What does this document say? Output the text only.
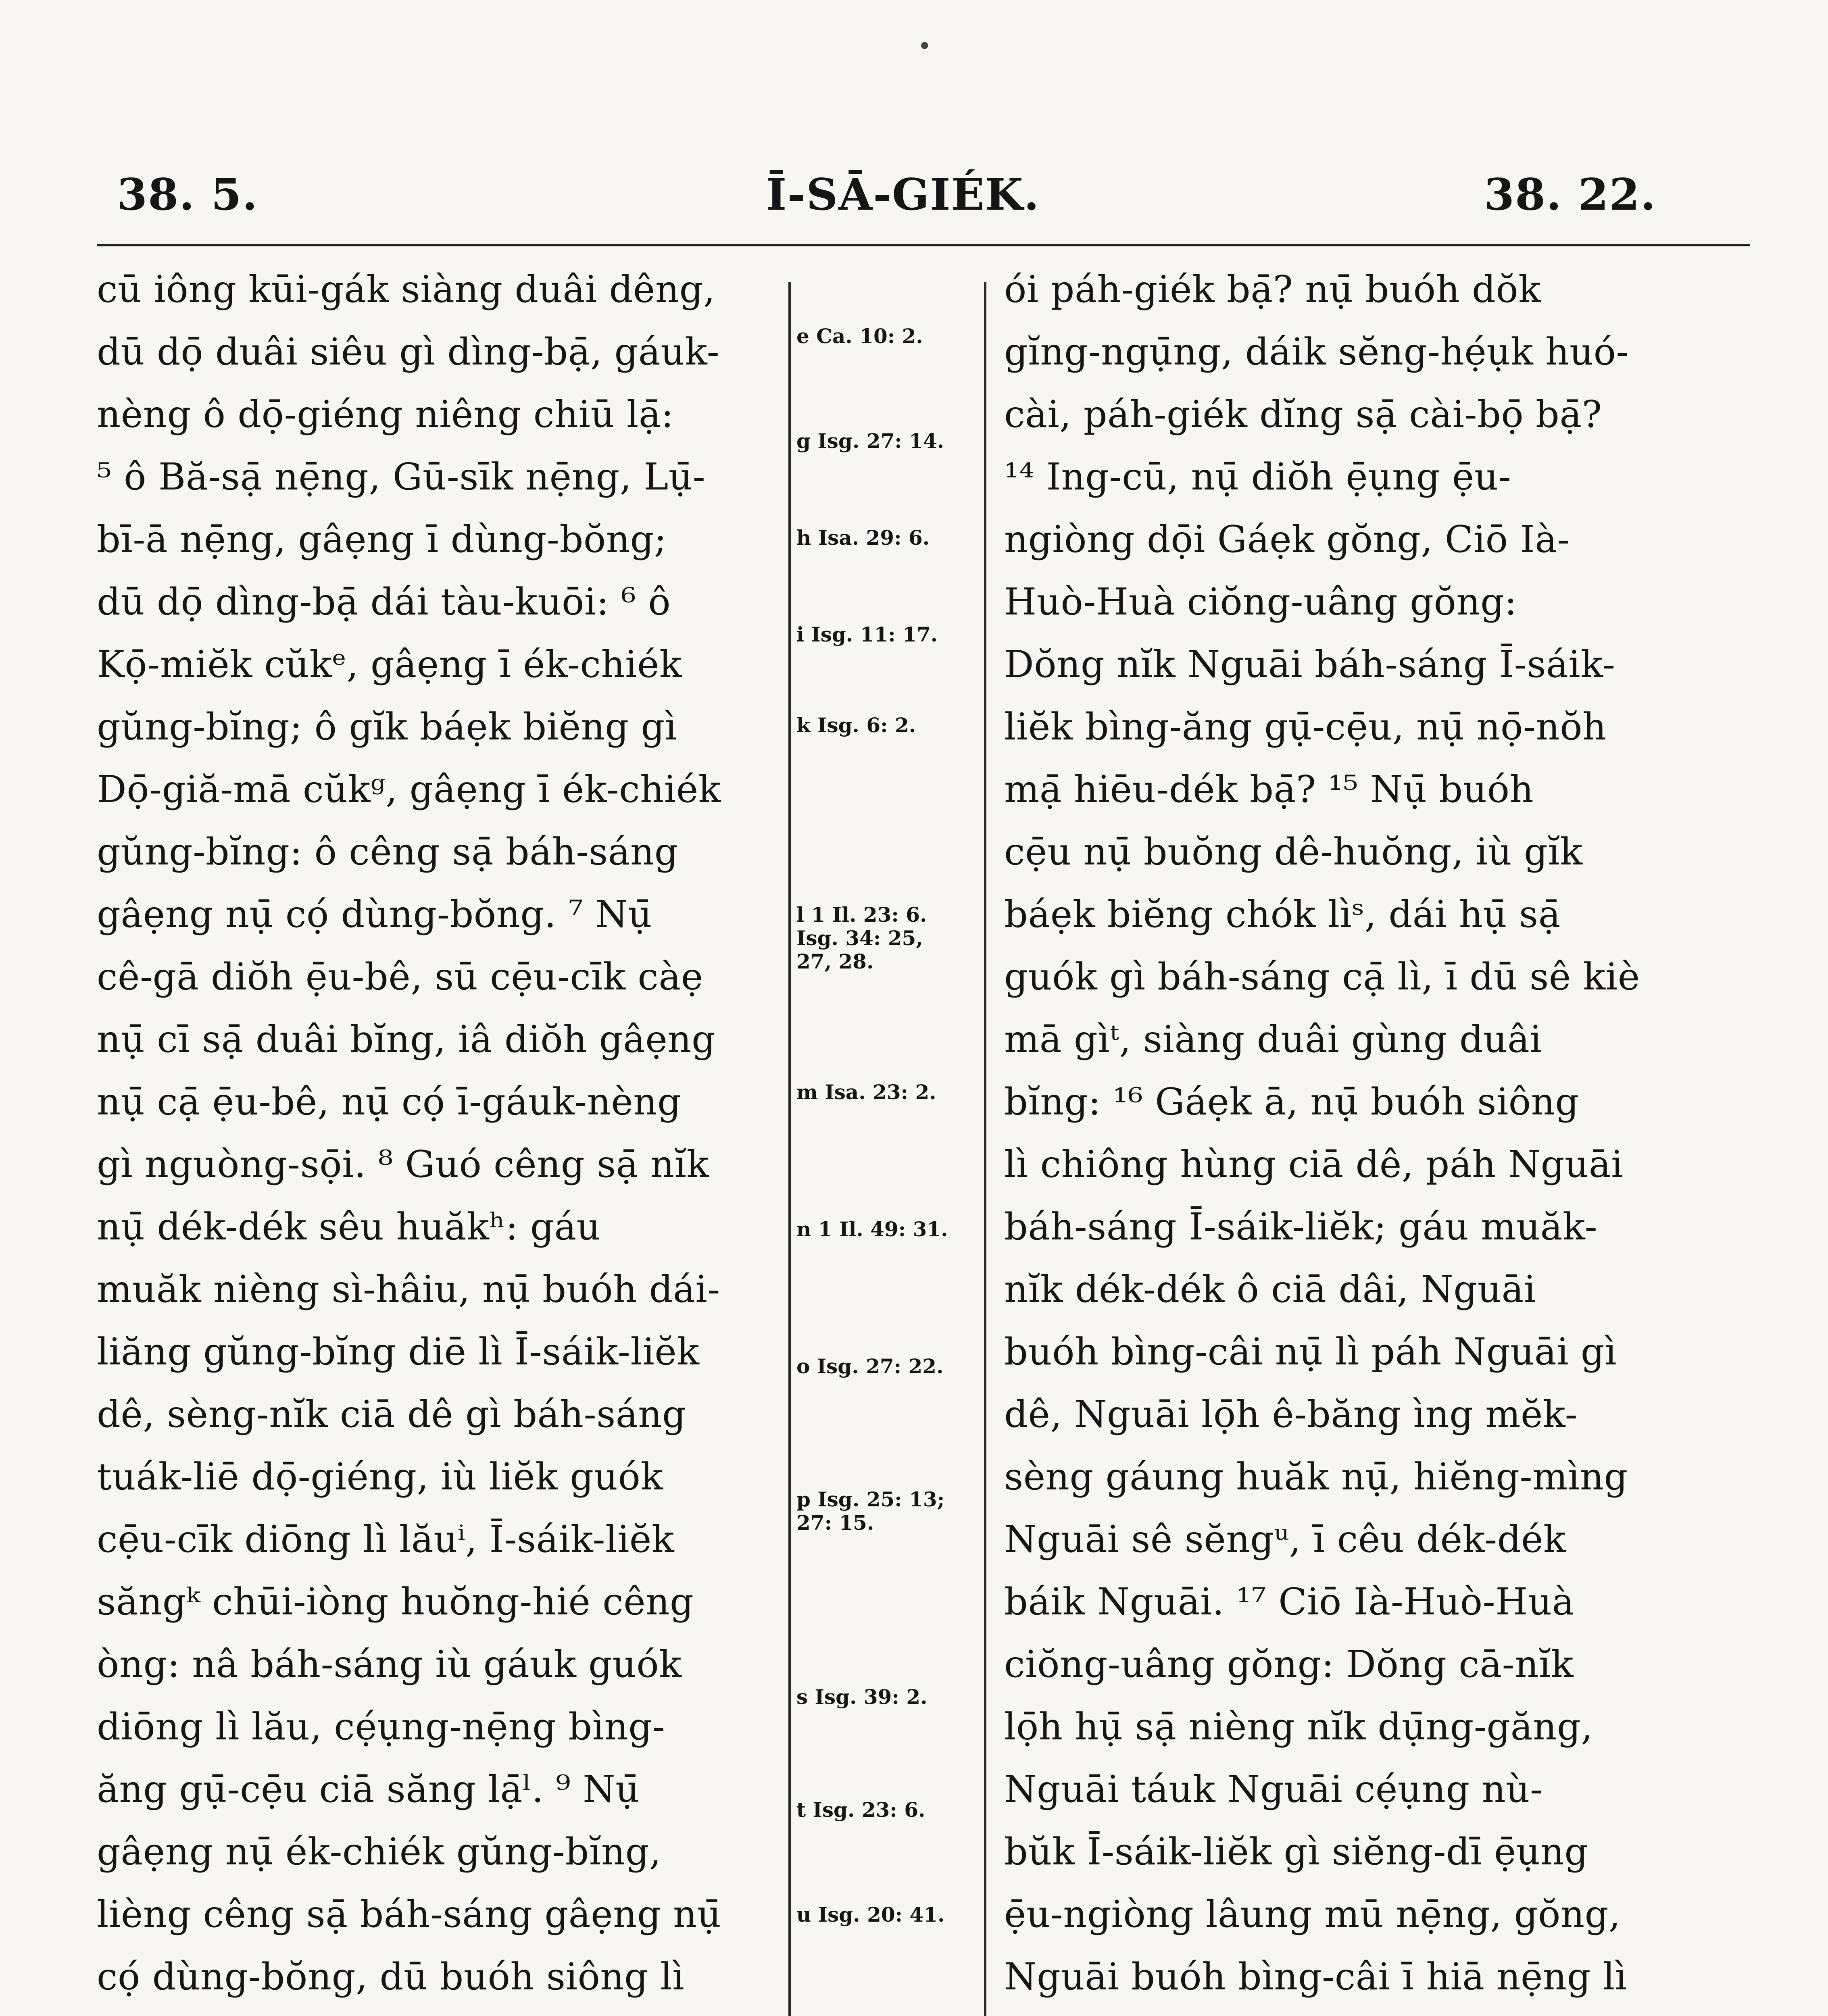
•
38. 5.	Ī-SĀ-GIÉK.	38. 22.
cū iông kūi-gák siàng duâi dêng,
dū dọ̄ duâi siêu gì dìng-bạ̄, gáuk-
nèng ô dọ̄-giéng niêng chiū lạ̄:
⁵ ô Bă-sạ̄ nẹ̄ng, Gū-sīk nẹ̄ng, Lụ̄-
bī-ā nẹ̄ng, gâẹng ī dùng-bŏng;
dū dọ̄ dìng-bạ̄ dái tàu-kuōi: ⁶ ô
Kọ̄-miĕk cŭkᵉ, gâẹng ī ék-chiék
gŭng-bĭng; ô gĭk báẹk biĕng gì
Dọ̄-giă-mā cŭkᵍ, gâẹng ī ék-chiék
gŭng-bĭng: ô cêng sạ̄ báh-sáng
gâẹng nụ̄ cọ́ dùng-bŏng. ⁷ Nụ̄
cê-gā diŏh ẹ̄u-bê, sū cẹ̄u-cīk càẹ
nụ̄ cī sạ̄ duâi bĭng, iâ diŏh gâẹng
nụ̄ cạ̄ ẹ̄u-bê, nụ̄ cọ́ ī-gáuk-nèng
gì nguòng-sọ̄i. ⁸ Guó cêng sạ̄ nĭk
nụ̄ dék-dék sêu huăkʰ: gáu
muăk nièng sì-hâiu, nụ̄ buóh dái-
liăng gŭng-bĭng diē lì Ī-sáik-liĕk
dê, sèng-nĭk ciā dê gì báh-sáng
tuák-liē dọ̄-giéng, iù liĕk guók
cẹ̄u-cīk diōng lì lăuⁱ, Ī-sáik-liĕk
săngᵏ chūi-iòng huŏng-hié cêng
òng: nâ báh-sáng iù gáuk guók
diōng lì lău, cẹ́ụng-nẹ̄ng bìng-
ăng gụ̄-cẹ̄u ciā săng lạ̄ˡ. ⁹ Nụ̄
gâẹng nụ̄ ék-chiék gŭng-bĭng,
lièng cêng sạ̄ báh-sáng gâẹng nụ̄
cọ́ dùng-bŏng, dū buóh siông lì
e Ca. 10: 2.
g Isg. 27: 14.
h Isa. 29: 6.
i Isg. 11: 17.
k Isg. 6: 2.
l 1 Il. 23: 6.
Isg. 34: 25,
27, 28.
m Isa. 23: 2.
n 1 Il. 49: 31.
o Isg. 27: 22.
p Isg. 25: 13;
27: 15.
s Isg. 39: 2.
t Isg. 23: 6.
u Isg. 20: 41.
ói páh-giék bạ̄? nụ̄ buóh dŏk
gĭng-ngụ̄ng, dáik sĕng-hẹ́ụk huó-
cài, páh-giék dĭng sạ̄ cài-bọ̄ bạ̄?
¹⁴ Ing-cū, nụ̄ diŏh ẹ̄ụng ẹ̄u-
ngiòng dọ̄i Gáẹk gŏng, Ciō Ià-
Huò-Huà ciŏng-uâng gŏng:
Dŏng nĭk Nguāi báh-sáng Ī-sáik-
liĕk bìng-ăng gụ̄-cẹ̄u, nụ̄ nọ̄-nŏh
mạ̄ hiēu-dék bạ̄? ¹⁵ Nụ̄ buóh
cẹ̄u nụ̄ buŏng dê-huŏng, iù gĭk
báẹk biĕng chók lìˢ, dái hụ̄ sạ̄
guók gì báh-sáng cạ̄ lì, ī dū sê kiè
mā gìᵗ, siàng duâi gùng duâi
bĭng: ¹⁶ Gáẹk ā, nụ̄ buóh siông
lì chiông hùng ciā dê, páh Nguāi
báh-sáng Ī-sáik-liĕk; gáu muăk-
nĭk dék-dék ô ciā dâi, Nguāi
buóh bìng-câi nụ̄ lì páh Nguāi gì
dê, Nguāi lọ̄h ê-băng ìng mĕk-
sèng gáung huăk nụ̄, hiĕng-mìng
Nguāi sê sĕngᵘ, ī cêu dék-dék
báik Nguāi. ¹⁷ Ciō Ià-Huò-Huà
ciŏng-uâng gŏng: Dŏng cā-nĭk
lọ̄h hụ̄ sạ̄ nièng nĭk dụ̄ng-găng,
Nguāi táuk Nguāi cẹ́ụng nù-
bŭk Ī-sáik-liĕk gì siĕng-dī ẹ̄ụng
ẹ̄u-ngiòng lâung mū nẹ̄ng, gŏng,
Nguāi buóh bìng-câi ī hiā nẹ̄ng lì
